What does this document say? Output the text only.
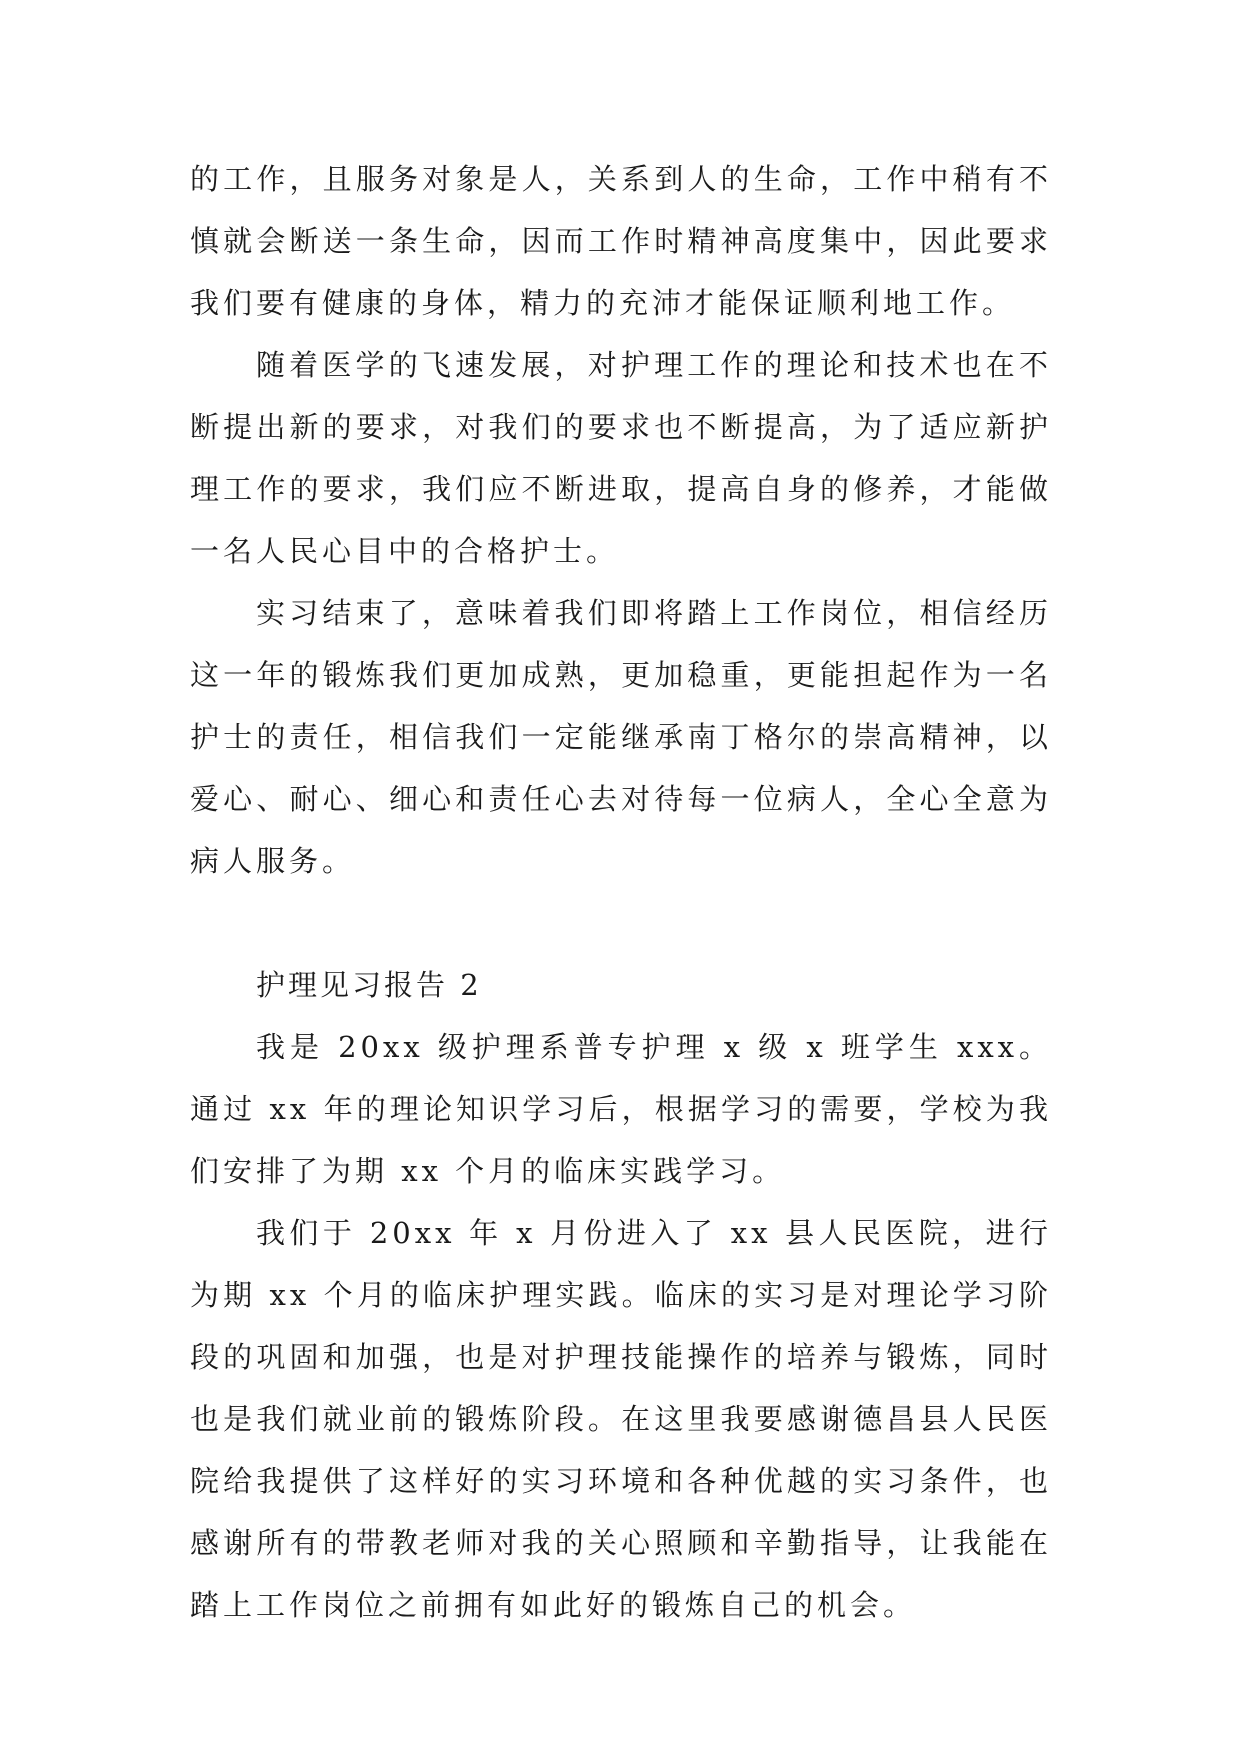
的工作，且服务对象是人，关系到人的生命，工作中稍有不慎就会断送一条生命，因而工作时精神高度集中，因此要求我们要有健康的身体，精力的充沛才能保证顺利地工作。

随着医学的飞速发展，对护理工作的理论和技术也在不断提出新的要求，对我们的要求也不断提高，为了适应新护理工作的要求，我们应不断进取，提高自身的修养，才能做一名人民心目中的合格护士。

实习结束了，意味着我们即将踏上工作岗位，相信经历这一年的锻炼我们更加成熟，更加稳重，更能担起作为一名护士的责任，相信我们一定能继承南丁格尔的崇高精神，以爱心、耐心、细心和责任心去对待每一位病人，全心全意为病人服务。

护理见习报告 2

我是 20xx 级护理系普专护理 x 级 x 班学生 xxx。通过 xx 年的理论知识学习后，根据学习的需要，学校为我们安排了为期 xx 个月的临床实践学习。

我们于 20xx 年 x 月份进入了 xx 县人民医院，进行为期 xx 个月的临床护理实践。临床的实习是对理论学习阶段的巩固和加强，也是对护理技能操作的培养与锻炼，同时也是我们就业前的锻炼阶段。在这里我要感谢德昌县人民医院给我提供了这样好的实习环境和各种优越的实习条件，也感谢所有的带教老师对我的关心照顾和辛勤指导，让我能在踏上工作岗位之前拥有如此好的锻炼自己的机会。
